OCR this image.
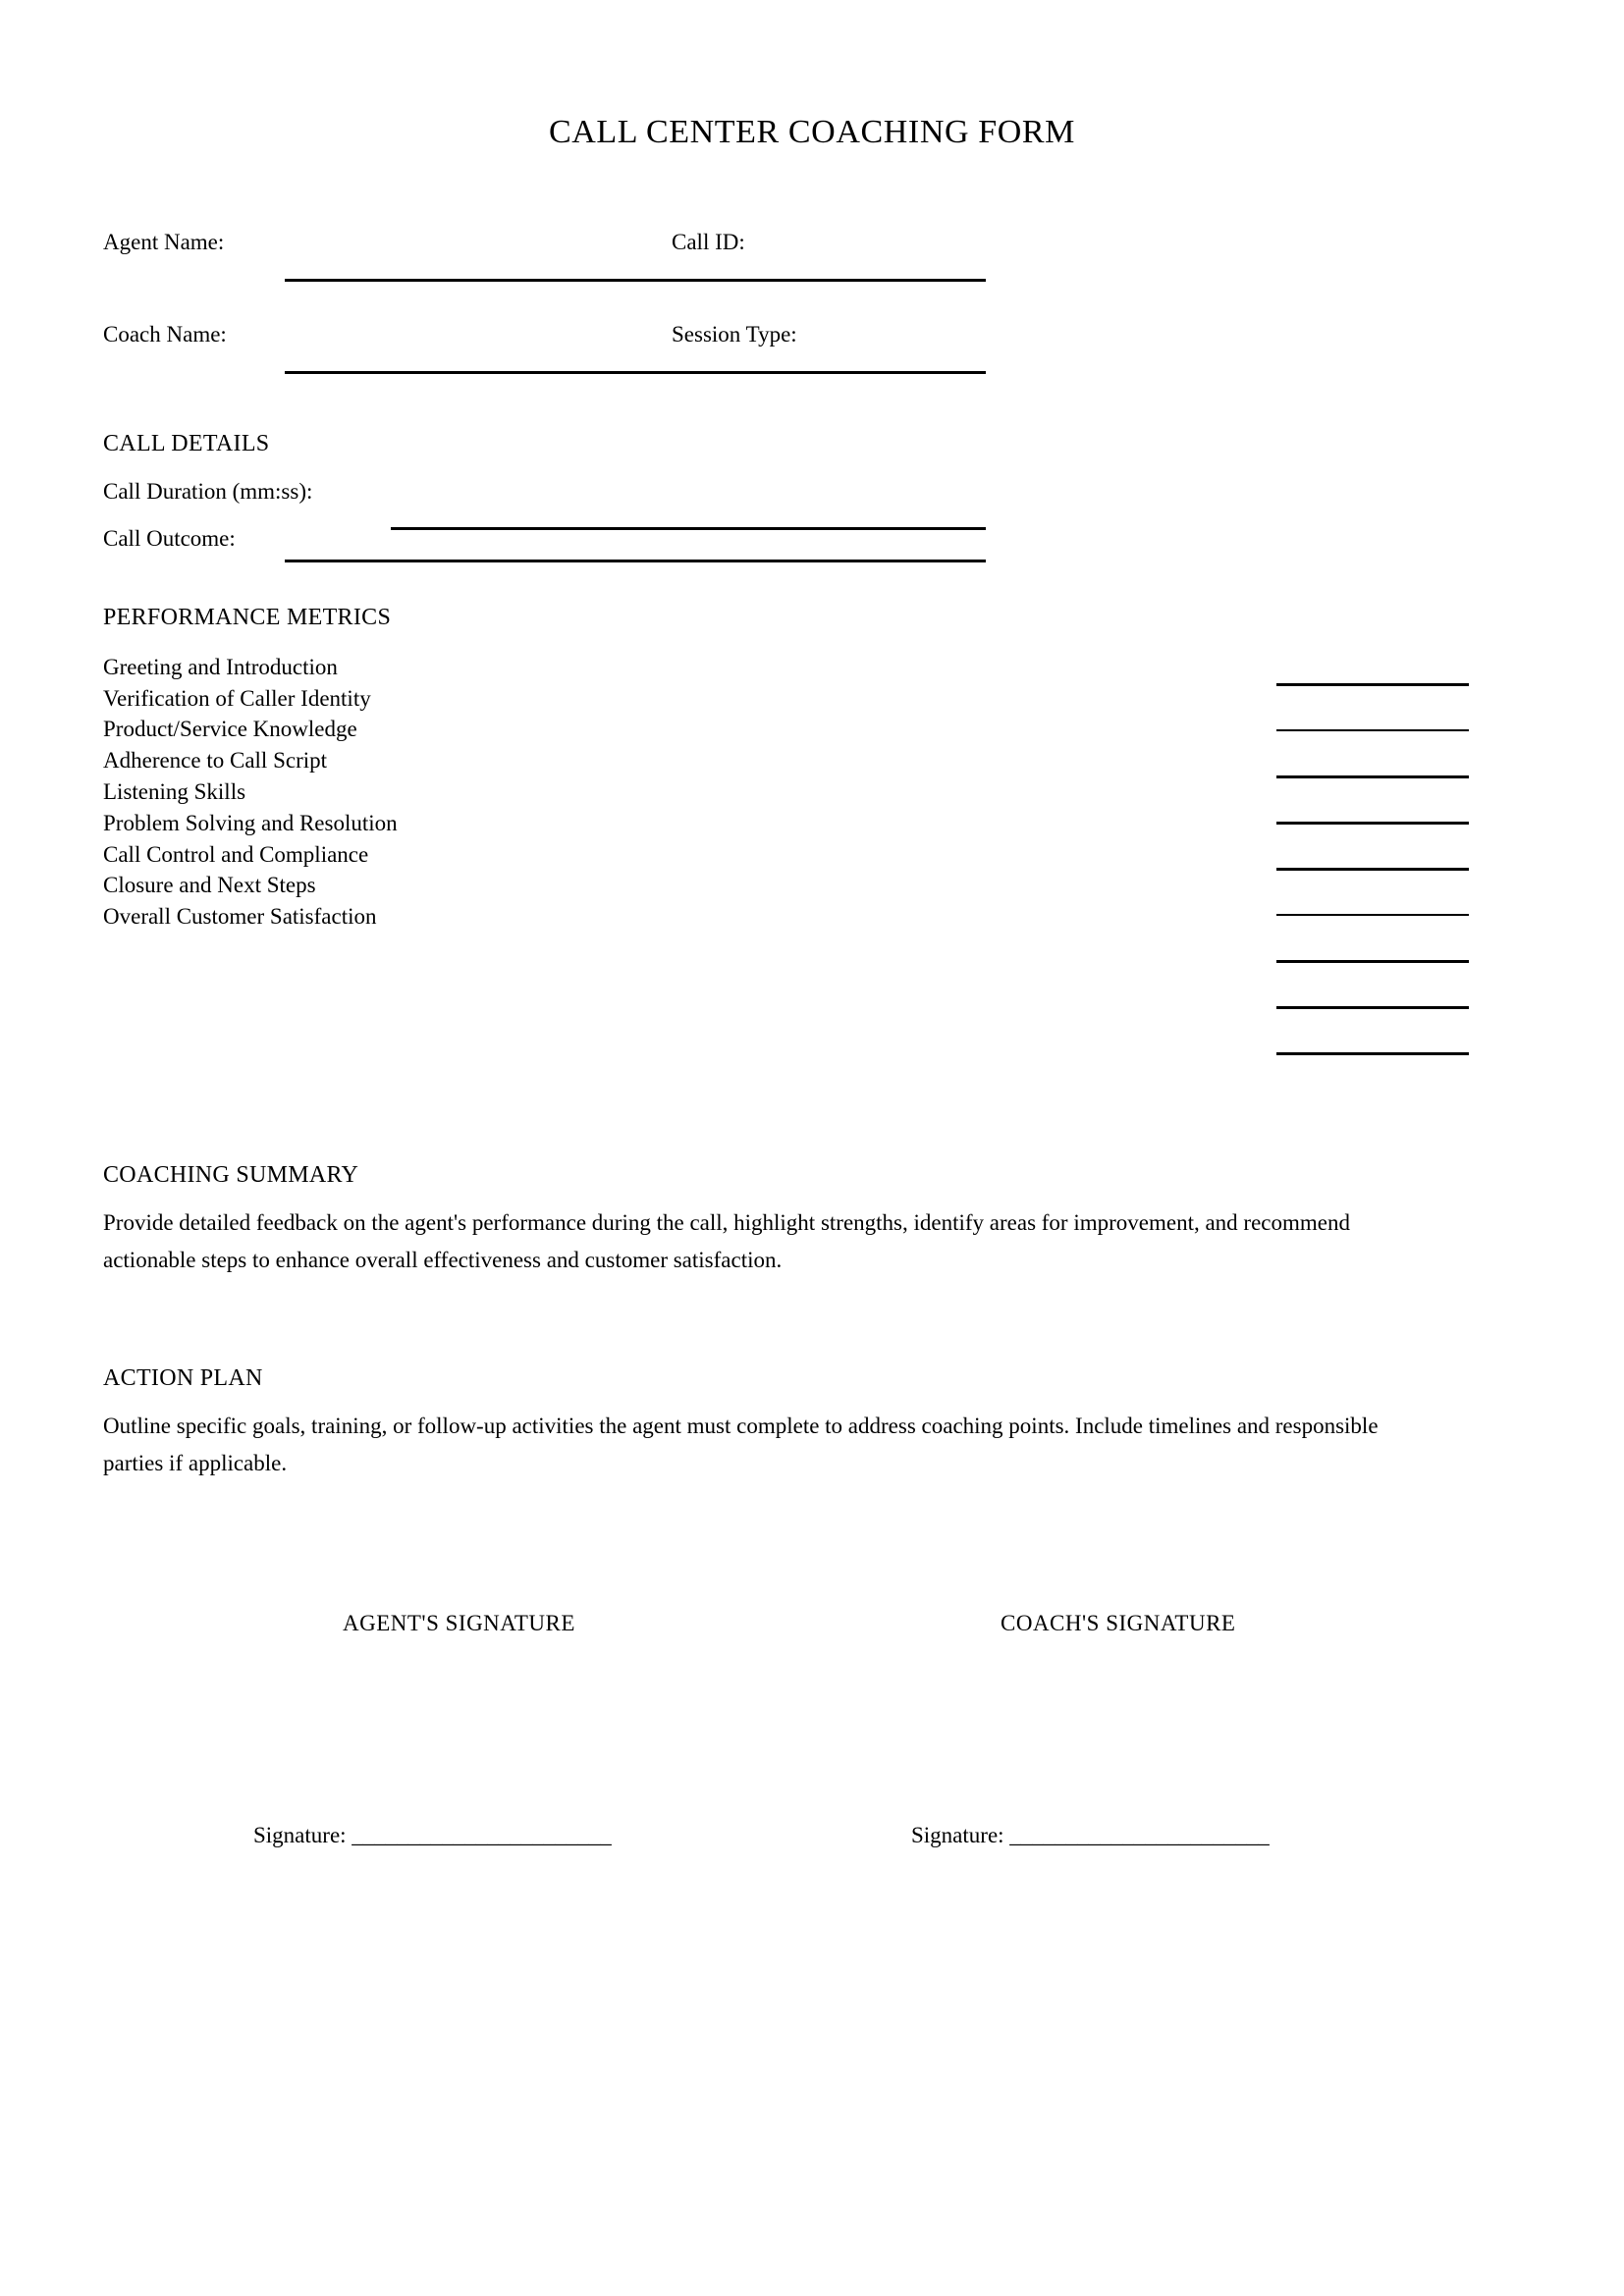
CALL CENTER COACHING FORM
Agent Name:	Call ID:
Coach Name:	Session Type:
CALL DETAILS
Call Duration (mm:ss):
Call Outcome:
PERFORMANCE METRICS
Greeting and Introduction
Verification of Caller Identity
Product/Service Knowledge
Adherence to Call Script
Listening Skills
Problem Solving and Resolution
Call Control and Compliance
Closure and Next Steps
Overall Customer Satisfaction
COACHING SUMMARY
Provide detailed feedback on the agent's performance during the call, highlight strengths, identify areas for improvement, and recommend actionable steps to enhance overall effectiveness and customer satisfaction.
ACTION PLAN
Outline specific goals, training, or follow-up activities the agent must complete to address coaching points. Include timelines and responsible parties if applicable.
AGENT'S SIGNATURE	COACH'S SIGNATURE
Signature: _______________________	Signature: _______________________
